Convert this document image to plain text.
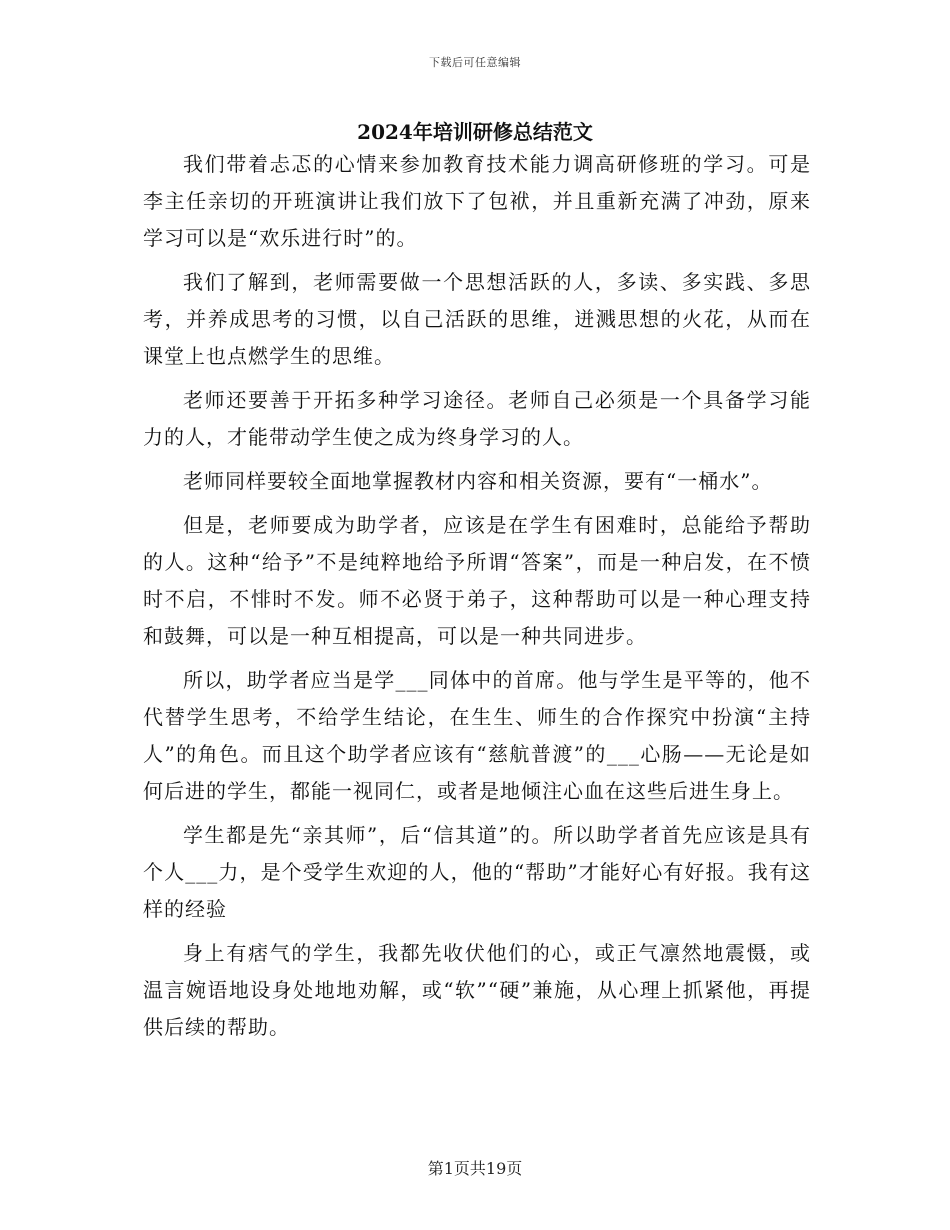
下载后可任意编辑
2024年培训研修总结范文

我们带着忐忑的心情来参加教育技术能力调高研修班的学习。可是李主任亲切的开班演讲让我们放下了包袱，并且重新充满了冲劲，原来学习可以是“欢乐进行时”的。

我们了解到，老师需要做一个思想活跃的人，多读、多实践、多思考，并养成思考的习惯，以自己活跃的思维，迸溅思想的火花，从而在课堂上也点燃学生的思维。

老师还要善于开拓多种学习途径。老师自己必须是一个具备学习能力的人，才能带动学生使之成为终身学习的人。

老师同样要较全面地掌握教材内容和相关资源，要有“一桶水”。

但是，老师要成为助学者，应该是在学生有困难时，总能给予帮助的人。这种“给予”不是纯粹地给予所谓“答案”，而是一种启发，在不愤时不启，不悱时不发。师不必贤于弟子，这种帮助可以是一种心理支持和鼓舞，可以是一种互相提高，可以是一种共同进步。

所以，助学者应当是学___同体中的首席。他与学生是平等的，他不代替学生思考，不给学生结论，在生生、师生的合作探究中扮演“主持人”的角色。而且这个助学者应该有“慈航普渡”的___心肠——无论是如何后进的学生，都能一视同仁，或者是地倾注心血在这些后进生身上。

学生都是先“亲其师”，后“信其道”的。所以助学者首先应该是具有个人___力，是个受学生欢迎的人，他的“帮助”才能好心有好报。我有这样的经验

身上有痞气的学生，我都先收伏他们的心，或正气凛然地震慑，或温言婉语地设身处地地劝解，或“软”“硬”兼施，从心理上抓紧他，再提供后续的帮助。

第1页共19页
